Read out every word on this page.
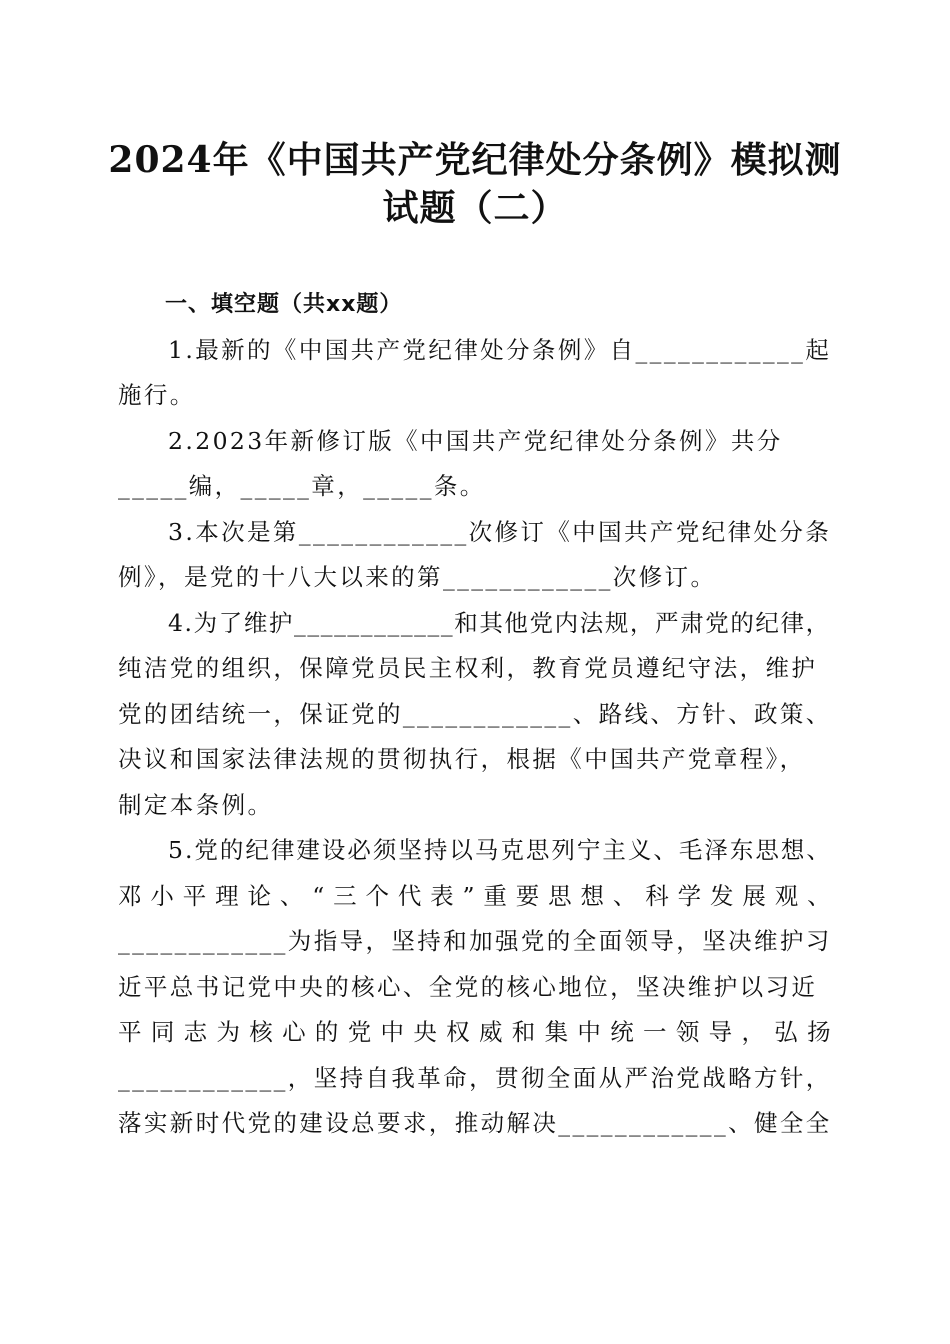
2024年《中国共产党纪律处分条例》模拟测
试题（二）
一、填空题（共xx题）
1.最新的《中国共产党纪律处分条例》自____________起
施行。
2.2023年新修订版《中国共产党纪律处分条例》共分
_____编，_____章，_____条。
3.本次是第____________次修订《中国共产党纪律处分条
例》，是党的十八大以来的第____________次修订。
4.为了维护____________和其他党内法规，严肃党的纪律，
纯洁党的组织，保障党员民主权利，教育党员遵纪守法，维护
党的团结统一，保证党的____________、路线、方针、政策、
决议和国家法律法规的贯彻执行，根据《中国共产党章程》，
制定本条例。
5.党的纪律建设必须坚持以马克思列宁主义、毛泽东思想、
邓小平理论、“三个代表”重要思想、科学发展观、
____________为指导，坚持和加强党的全面领导，坚决维护习
近平总书记党中央的核心、全党的核心地位，坚决维护以习近
平同志为核心的党中央权威和集中统一领导，弘扬
____________，坚持自我革命，贯彻全面从严治党战略方针，
落实新时代党的建设总要求，推动解决____________、健全全
